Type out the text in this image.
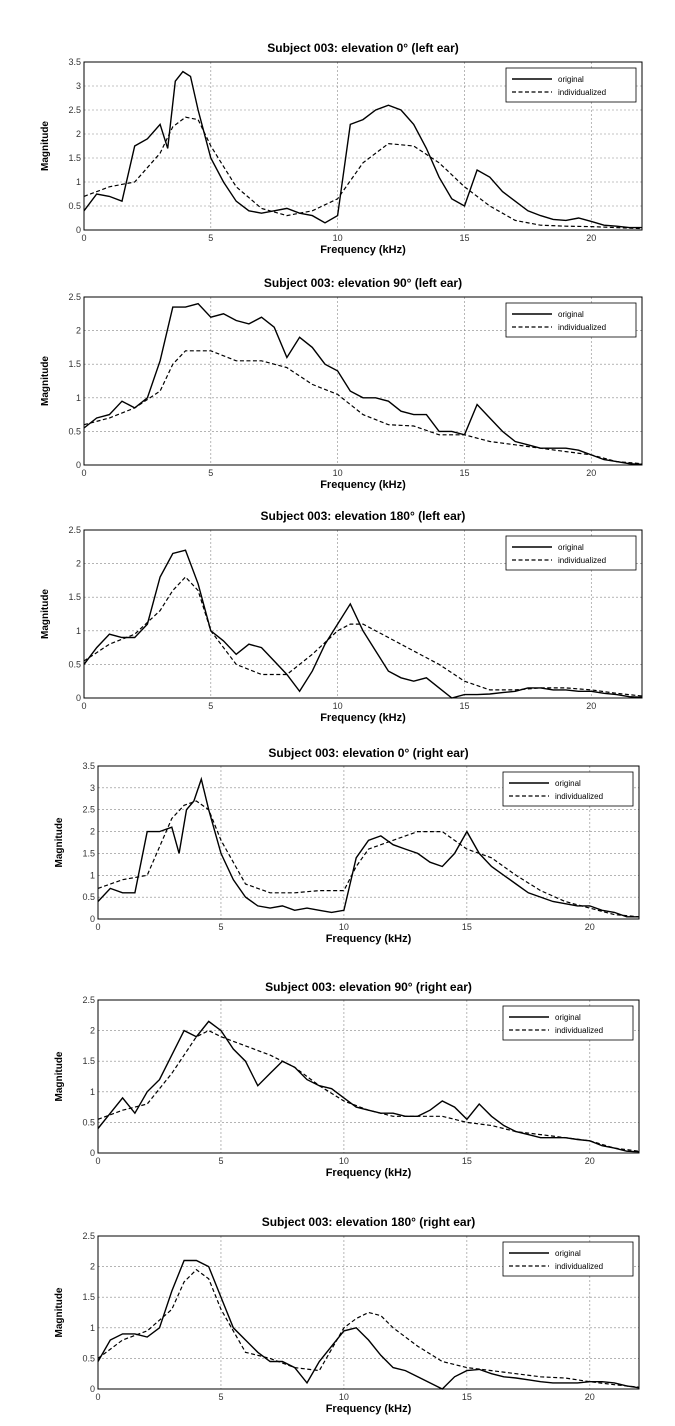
0	5	10	15	20
0
0.5
1
1.5
2
2.5
3
3.5
Subject 003: elevation 0° (left ear)
Frequency (kHz)
Magnitude
original
individualized
0	5	10	15	20
0
0.5
1
1.5
2
2.5
Subject 003: elevation 90° (left ear)
Frequency (kHz)
Magnitude
original
individualized
0	5	10	15	20
0
0.5
1
1.5
2
2.5
Subject 003: elevation 180° (left ear)
Frequency (kHz)
Magnitude
original
individualized
0	5	10	15	20
0
0.5
1
1.5
2
2.5
3
3.5
Subject 003: elevation 0° (right ear)
Frequency (kHz)
Magnitude
original
individualized
0	5	10	15	20
0
0.5
1
1.5
2
2.5
Subject 003: elevation 90° (right ear)
Frequency (kHz)
Magnitude
original
individualized
0	5	10	15	20
0
0.5
1
1.5
2
2.5
Subject 003: elevation 180° (right ear)
Frequency (kHz)
Magnitude
original
individualized
